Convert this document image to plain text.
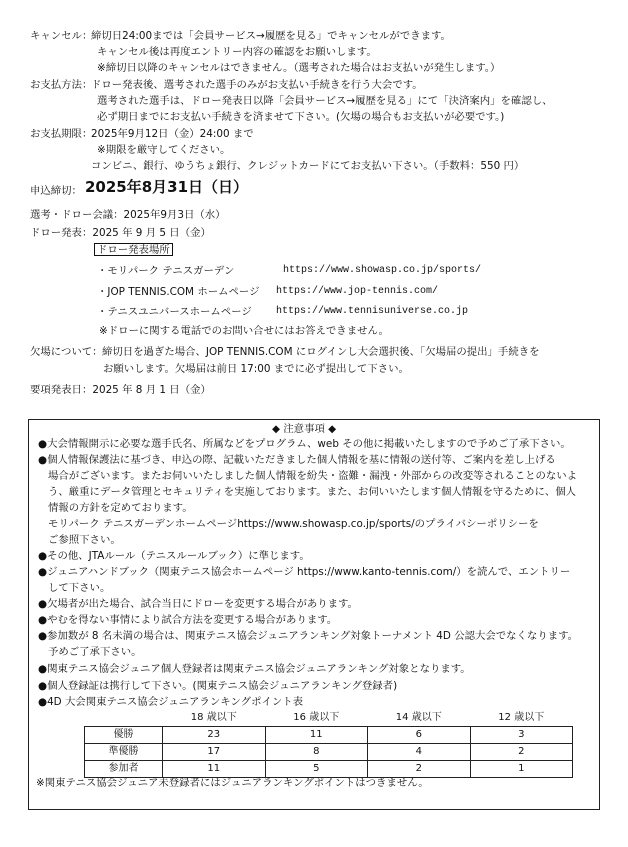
キャンセル：
締切日24:00までは「会員サービス→履歴を見る」でキャンセルができます。
キャンセル後は再度エントリー内容の確認をお願いします。
※締切日以降のキャンセルはできません。（選考された場合はお支払いが発生します。）
お支払方法：
ドロー発表後、選考された選手のみがお支払い手続きを行う大会です。
選考された選手は、ドロー発表日以降「会員サービス→履歴を見る」にて「決済案内」を確認し、
必ず期日までにお支払い手続きを済ませて下さい。(欠場の場合もお支払いが必要です。)
お支払期限：
2025年9月12日（金）24:00 まで
※期限を厳守してください。
コンビニ、銀行、ゆうちょ銀行、クレジットカードにてお支払い下さい。（手数料：550 円）
申込締切： 2025年8月31日（日）
選考・ドロー会議：2025年9月3日（水）
ドロー発表：2025 年 9 月 5 日（金）
ドロー発表場所
・モリパーク テニスガーデン	https://www.showasp.co.jp/sports/
・JOP TENNIS.COM ホームページ https://www.jop-tennis.com/
・テニスユニバースホームページ https://www.tennisuniverse.co.jp
※ドローに関する電話でのお問い合せにはお答えできません。
欠場について： 締切日を過ぎた場合、JOP TENNIS.COM にログインし大会選択後、「欠場届の提出」手続きを
お願いします。欠場届は前日 17:00 までに必ず提出して下さい。
要項発表日：2025 年 8 月 1 日（金）
◆ 注意事項 ◆
●大会情報開示に必要な選手氏名、所属などをプログラム、web その他に掲載いたしますので予めご了承下さい。
●個人情報保護法に基づき、申込の際、記載いただきました個人情報を基に情報の送付等、ご案内を差し上げる
場合がございます。またお伺いいたしました個人情報を紛失・盗難・漏洩・外部からの改変等されることのないよ
う、厳重にデータ管理とセキュリティを実施しております。また、お伺いいたします個人情報を守るために、個人
情報の方針を定めております。
モリパーク テニスガーデンホームページhttps://www.showasp.co.jp/sports/のプライバシーポリシーを
ご参照下さい。
●その他、JTAルール（テニスルールブック）に準じます。
●ジュニアハンドブック（関東テニス協会ホームページ https://www.kanto-tennis.com/）を読んで、エントリー
して下さい。
●欠場者が出た場合、試合当日にドローを変更する場合があります。
●やむを得ない事情により試合方法を変更する場合があります。
●参加数が 8 名未満の場合は、関東テニス協会ジュニアランキング対象トーナメント 4D 公認大会でなくなります。
予めご了承下さい。
●関東テニス協会ジュニア個人登録者は関東テニス協会ジュニアランキング対象となります。
●個人登録証は携行して下さい。(関東テニス協会ジュニアランキング登録者)
●4D 大会関東テニス協会ジュニアランキングポイント表
	18 歳以下	16 歳以下	14 歳以下	12 歳以下
優勝	23	11	6	3
準優勝	17	8	4	2
参加者	11	5	2	1
※関東テニス協会ジュニア未登録者にはジュニアランキングポイントはつきません。
